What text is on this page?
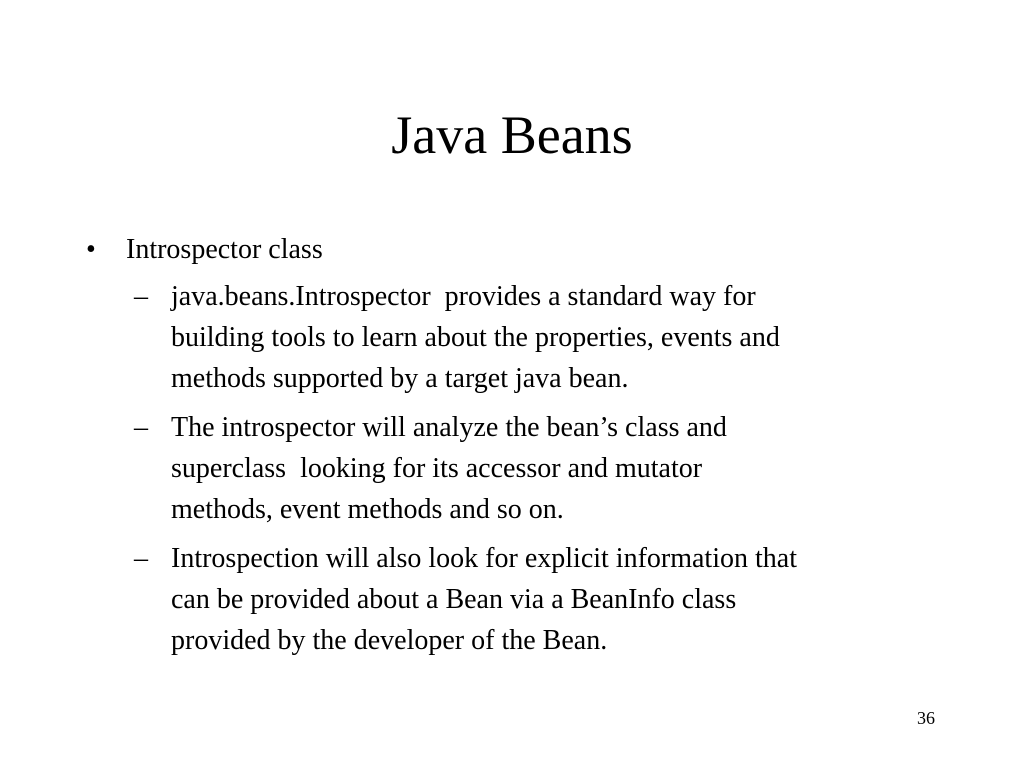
Java Beans
• Introspector class
– java.beans.Introspector  provides a standard way for
building tools to learn about the properties, events and
methods supported by a target java bean.
– The introspector will analyze the bean’s class and
superclass  looking for its accessor and mutator
methods, event methods and so on.
– Introspection will also look for explicit information that
can be provided about a Bean via a BeanInfo class
provided by the developer of the Bean.
36
